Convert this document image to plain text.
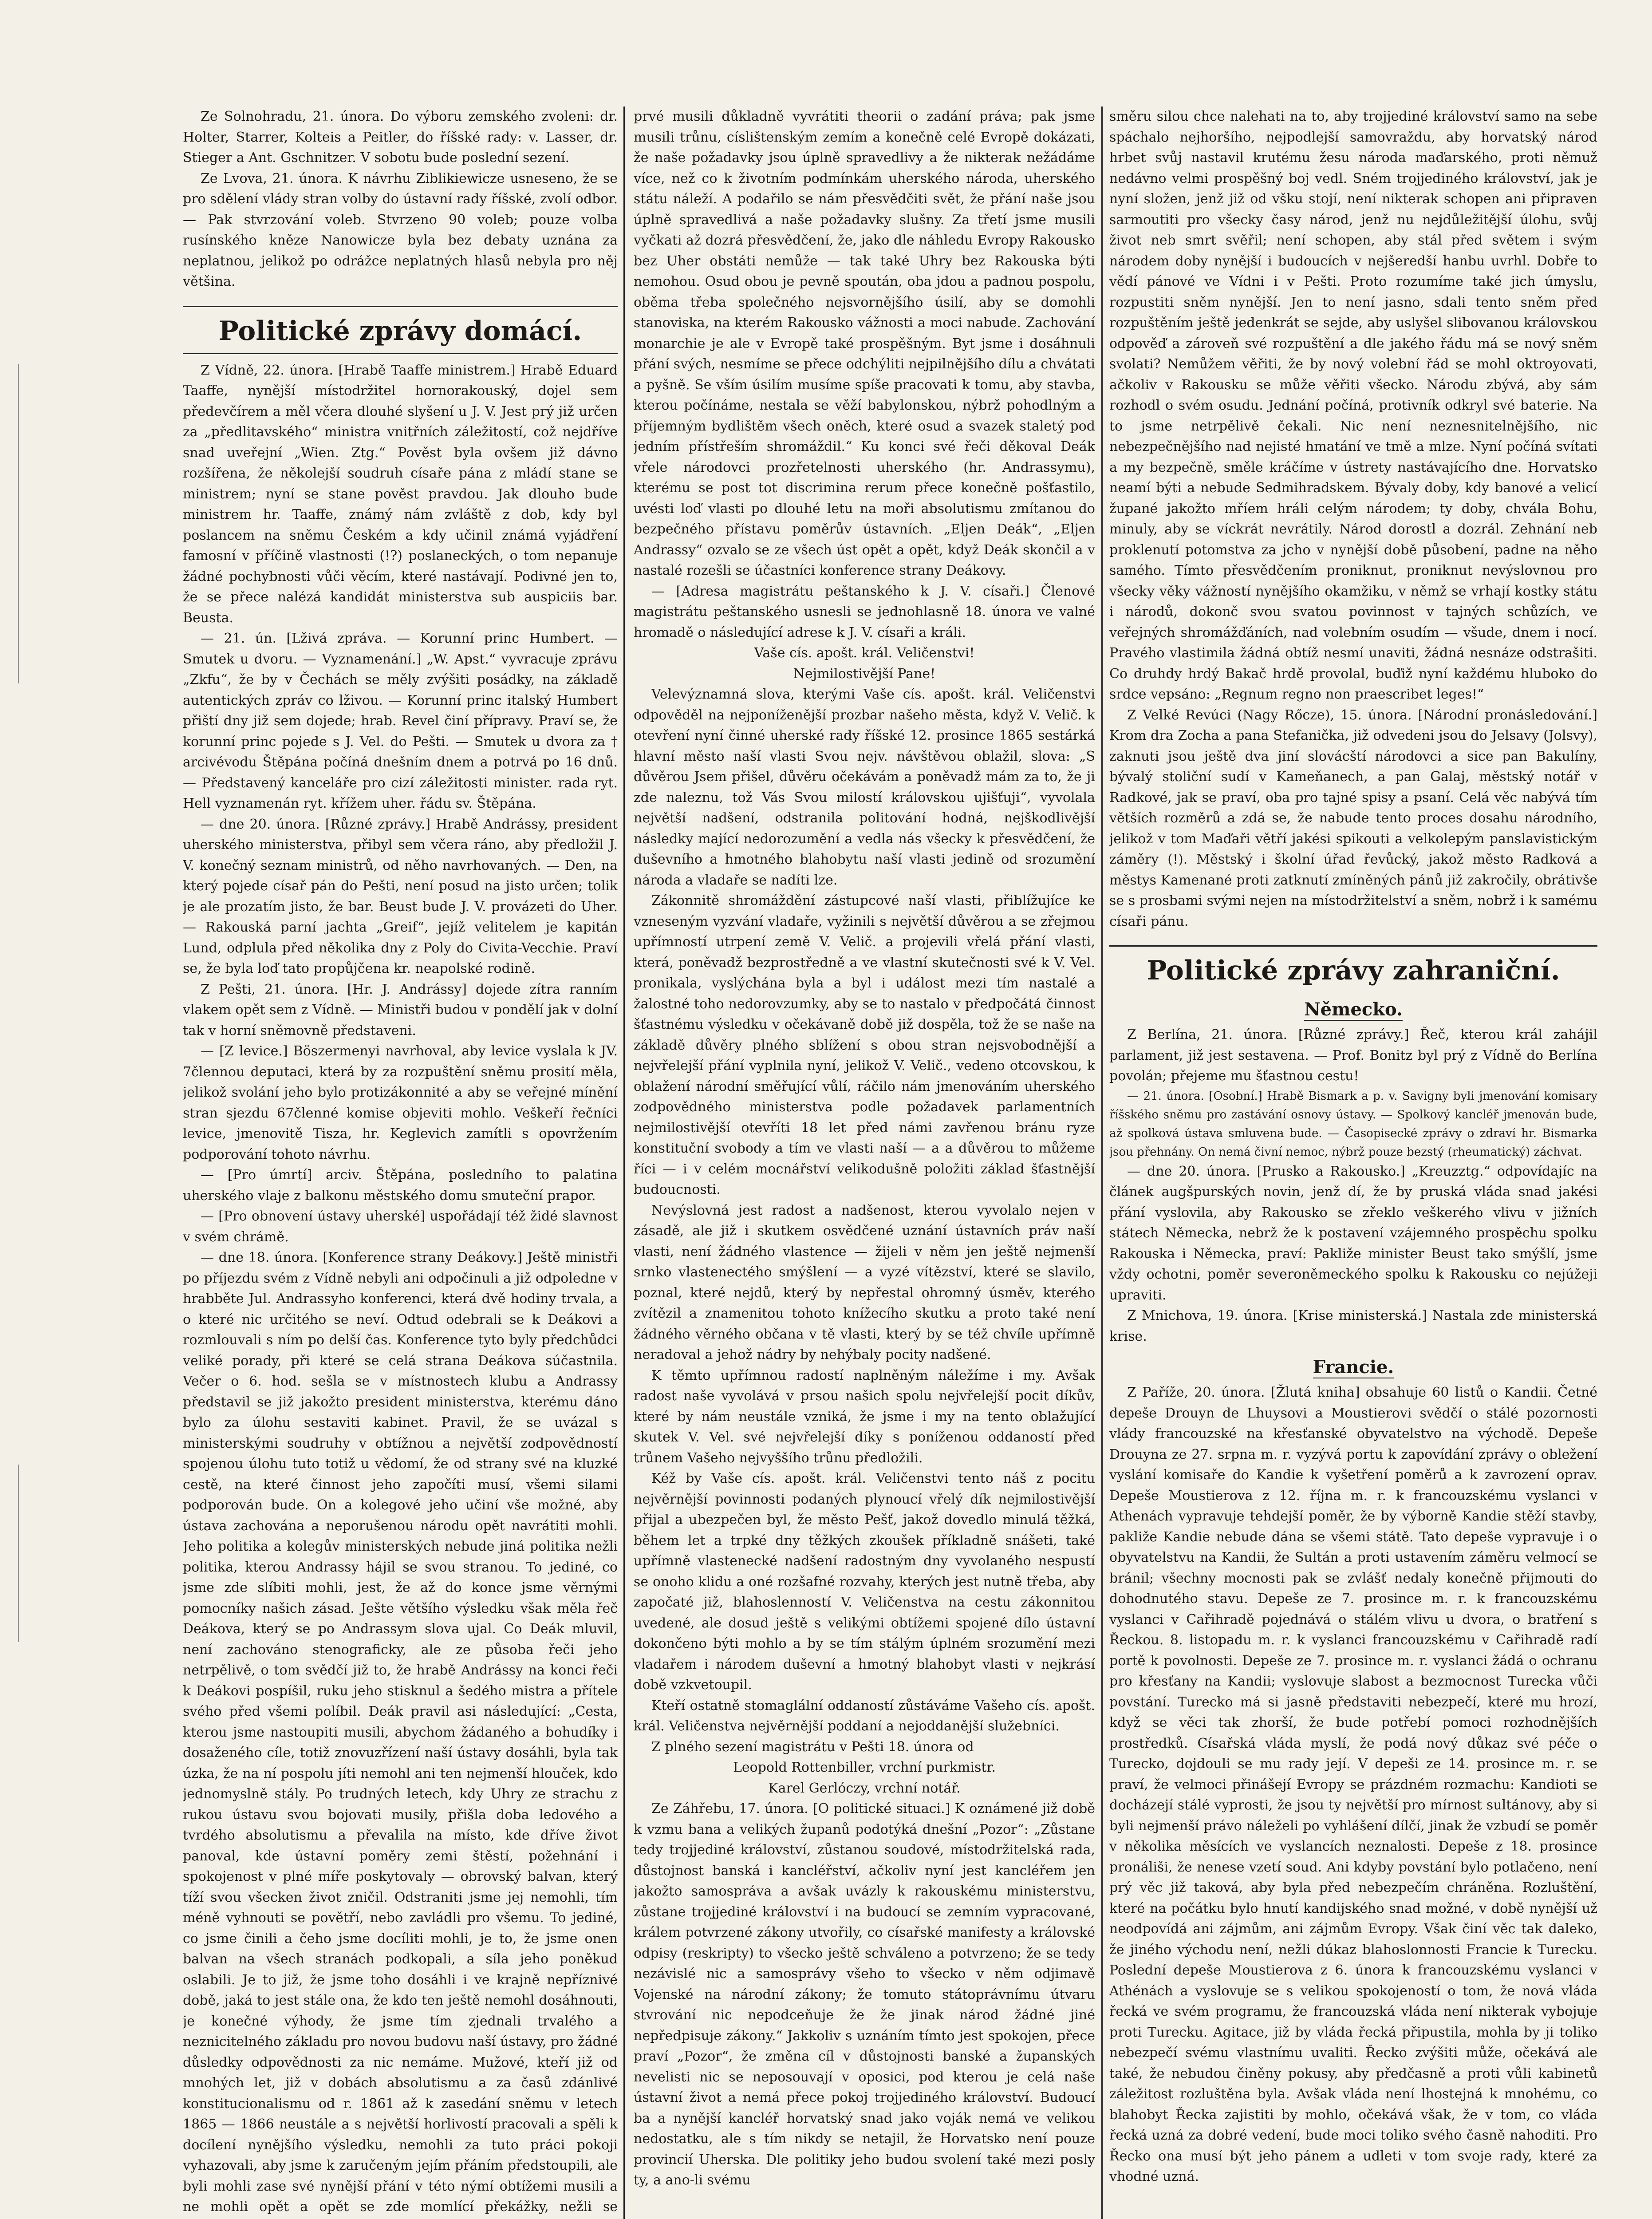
Ze Solnohradu, 21. února. Do výboru zemského zvoleni: dr. Holter, Starrer, Kolteis a Peitler, do říšské rady: v. Lasser, dr. Stieger a Ant. Gschnitzer. V sobotu bude poslední sezení.

Ze Lvova, 21. února. K návrhu Ziblikiewicze usneseno, že se pro sdělení vlády stran volby do ústavní rady říšské, zvolí odbor. — Pak stvrzování voleb. Stvrzeno 90 voleb; pouze volba rusínského kněze Nanowicze byla bez debaty uznána za neplatnou, jelikož po odrážce neplatných hlasů nebyla pro něj většina.

Politické zprávy domácí.

Z Vídně, 22. února. [Hrabě Taaffe ministrem.] Hrabě Eduard Taaffe, nynější místodržitel hornorakouský, dojel sem předevčírem a měl včera dlouhé slyšení u J. V. Jest prý již určen za „předlitavského“ ministra vnitřních záležitostí, což nejdříve snad uveřejní „Wien. Ztg.“ Pověst byla ovšem již dávno rozšířena, že několejší soudruh císaře pána z mládí stane se ministrem; nyní se stane pověst pravdou. Jak dlouho bude ministrem hr. Taaffe, známý nám zvláště z dob, kdy byl poslancem na sněmu Českém a kdy učinil známá vyjádření famosní v příčině vlastnosti (!?) poslaneckých, o tom nepanuje žádné pochybnosti vůči věcím, které nastávají. Podivné jen to, že se přece nalézá kandidát ministerstva sub auspiciis bar. Beusta.

— 21. ún. [Lživá zpráva. — Korunní princ Humbert. — Smutek u dvoru. — Vyznamenání.] „W. Apst.“ vyvracuje zprávu „Zkfu“, že by v Čechách se měly zvýšiti posádky, na základě autentických zpráv co lživou. — Korunní princ italský Humbert přiští dny již sem dojede; hrab. Revel činí přípravy. Praví se, že korunní princ pojede s J. Vel. do Pešti. — Smutek u dvora za † arcivévodu Štěpána počíná dnešním dnem a potrvá po 16 dnů. — Představený kanceláře pro cizí záležitosti minister. rada ryt. Hell vyznamenán ryt. křížem uher. řádu sv. Štěpána.

— dne 20. února. [Různé zprávy.] Hrabě Andrássy, president uherského ministerstva, přibyl sem včera ráno, aby předložil J. V. konečný seznam ministrů, od něho navrhovaných. — Den, na který pojede císař pán do Pešti, není posud na jisto určen; tolik je ale prozatím jisto, že bar. Beust bude J. V. provázeti do Uher. — Rakouská parní jachta „Greif“, jejíž velitelem je kapitán Lund, odplula před několika dny z Poly do Civita-Vecchie. Praví se, že byla loď tato propůjčena kr. neapolské rodině.

Z Pešti, 21. února. [Hr. J. Andrássy] dojede zítra ranním vlakem opět sem z Vídně. — Ministři budou v pondělí jak v dolní tak v horní sněmovně představeni.

— [Z levice.] Böszermenyi navrhoval, aby levice vyslala k JV. 7člennou deputaci, která by za rozpuštění sněmu prosití měla, jelikož svolání jeho bylo protizákonnité a aby se veřejné mínění stran sjezdu 67členné komise objeviti mohlo. Veškeří řečníci levice, jmenovitě Tisza, hr. Keglevich zamítli s opovržením podporování tohoto návrhu.

— [Pro úmrtí] arciv. Štěpána, posledního to palatina uherského vlaje z balkonu městského domu smuteční prapor.

— [Pro obnovení ústavy uherské] uspořádají též židé slavnost v svém chrámě.

— dne 18. února. [Konference strany Deákovy.] Ještě ministři po příjezdu svém z Vídně nebyli ani odpočinuli a již odpoledne v hrabběte Jul. Andrassyho konferenci, která dvě hodiny trvala, a o které nic určitého se neví. Odtud odebrali se k Deákovi a rozmlouvali s ním po delší čas. Konference tyto byly předchůdci veliké porady, při které se celá strana Deákova súčastnila. Večer o 6. hod. sešla se v místnostech klubu a Andrassy představil se již jakožto president ministerstva, kterému dáno bylo za úlohu sestaviti kabinet. Pravil, že se uvázal s ministerskými soudruhy v obtížnou a největší zodpovědností spojenou úlohu tuto totiž u vědomí, že od strany své na kluzké cestě, na které činnost jeho započíti musí, všemi silami podporován bude. On a kolegové jeho učiní vše možné, aby ústava zachována a neporušenou národu opět navrátiti mohli. Jeho politika a kolegův ministerských nebude jiná politika nežli politika, kterou Andrassy hájil se svou stranou. To jediné, co jsme zde slíbiti mohli, jest, že až do konce jsme věrnými pomocníky našich zásad. Ješte většího výsledku však měla řeč Deákova, který se po Andrassym slova ujal. Co Deák mluvil, není zachováno stenograficky, ale ze působa řeči jeho netrpělivě, o tom svědčí již to, že hrabě Andrássy na konci řeči k Deákovi pospíšil, ruku jeho stisknul a šedého mistra a přítele svého před všemi políbil. Deák pravil asi následující: „Cesta, kterou jsme nastoupiti musili, abychom žádaného a bohudíky i dosaženého cíle, totiž znovuzřízení naší ústavy dosáhli, byla tak úzka, že na ní pospolu jíti nemohl ani ten nejmenší hlouček, kdo jednomyslně stály. Po trudných letech, kdy Uhry ze strachu z rukou ústavu svou bojovati musily, přišla doba ledového a tvrdého absolutismu a převalila na místo, kde dříve život panoval, kde ústavní poměry zemi štěstí, požehnání i spokojenost v plné míře poskytovaly — obrovský balvan, který tíží svou všecken život zničil. Odstraniti jsme jej nemohli, tím méně vyhnouti se povětří, nebo zavládli pro všemu. To jediné, co jsme činili a čeho jsme docíliti mohli, je to, že jsme onen balvan na všech stranách podkopali, a síla jeho poněkud oslabili. Je to již, že jsme toho dosáhli i ve krajně nepříznivé době, jaká to jest stále ona, že kdo ten ještě nemohl dosáhnouti, je konečné výhody, že jsme tím zjednali trvalého a neznicitelného základu pro novou budovu naší ústavy, pro žádné důsledky odpovědnosti za nic nemáme. Mužové, kteří již od mnohých let, již v dobách absolutismu a za časů zdánlivé konstitucionalismu od r. 1861 až k zasedání sněmu v letech 1865 — 1866 neustále a s největší horlivostí pracovali a spěli k docílení nynějšího výsledku, nemohli za tuto práci pokoji vyhazovali, aby jsme k zaručeným jejím přáním předstoupili, ale byli mohli zase své nynější přání v této nýmí obtížemi musili a ne mohli opět a opět se zde momlící překážky, nežli se

prvé musili důkladně vyvrátiti theorii o zadání práva; pak jsme musili trůnu, císlištenským zemím a konečně celé Evropě dokázati, že naše požadavky jsou úplně spravedlivy a že nikterak nežádáme více, než co k životním podmínkám uherského národa, uherského státu náleží. A podařilo se nám přesvědčiti svět, že přání naše jsou úplně spravedlivá a naše požadavky slušny. Za třetí jsme musili vyčkati až dozrá přesvědčení, že, jako dle náhledu Evropy Rakousko bez Uher obstáti nemůže — tak také Uhry bez Rakouska býti nemohou. Osud obou je pevně spoután, oba jdou a padnou pospolu, oběma třeba společného nejsvornějšího úsilí, aby se domohli stanoviska, na kterém Rakousko vážnosti a moci nabude. Zachování monarchie je ale v Evropě také prospěšným. Byt jsme i dosáhnuli přání svých, nesmíme se přece odchýliti nejpilnějšího dílu a chvátati a pyšně. Se vším úsilím musíme spíše pracovati k tomu, aby stavba, kterou počínáme, nestala se věží babylonskou, nýbrž pohodlným a příjemným bydlištěm všech oněch, které osud a svazek staletý pod jedním přístřeším shromáždil.“ Ku konci své řeči děkoval Deák vřele národovci prozřetelnosti uherského (hr. Andrassymu), kterému se post tot discrimina rerum přece konečně pošťastilo, uvésti loď vlasti po dlouhé letu na moři absolutismu zmítanou do bezpečného přístavu poměrův ústavních. „Eljen Deák“, „Eljen Andrassy“ ozvalo se ze všech úst opět a opět, když Deák skončil a v nastalé rozešli se účastníci konference strany Deákovy.

— [Adresa magistrátu peštanského k J. V. císaři.] Členové magistrátu peštanského usnesli se jednohlasně 18. února ve valné hromadě o následující adrese k J. V. císaři a králi.

Vaše cís. apošt. král. Veličenstvi!

Nejmilostivější Pane!

Velevýznamná slova, kterými Vaše cís. apošt. král. Veličenstvi odpověděl na nejponíženější prozbar našeho města, když V. Velič. k otevření nyní činné uherské rady říšské 12. prosince 1865 sestárká hlavní město naší vlasti Svou nejv. návštěvou oblažil, slova: „S důvěrou Jsem přišel, důvěru očekávám a poněvadž mám za to, že ji zde naleznu, tož Vás Svou milostí královskou ujišťuji“, vyvolala největší nadšení, odstranila politování hodná, nejškodlivější následky mající nedorozumění a vedla nás všecky k přesvědčení, že duševního a hmotného blahobytu naší vlasti jedině od srozumění národa a vladaře se nadíti lze.

Zákonnitě shromáždění zástupcové naší vlasti, přiblížujíce ke vzneseným vyzvání vladaře, vyžinili s největší důvěrou a se zřejmou upřímností utrpení země V. Velič. a projevili vřelá přání vlasti, která, poněvadž bezprostředně a ve vlastní skutečnosti své k V. Vel. pronikala, vyslýchána byla a byl i událost mezi tím nastalé a žalostné toho nedorovzumky, aby se to nastalo v předpočátá činnost šťastnému výsledku v očekávaně době již dospěla, tož že se naše na základě důvěry plného sblížení s obou stran nejsvobodnější a nejvřelejší přání vyplnila nyní, jelikož V. Velič., vedeno otcovskou, k oblažení národní směřující vůlí, ráčilo nám jmenováním uherského zodpovědného ministerstva podle požadavek parlamentních nejmilostivější otevříti 18 let před námi zavřenou bránu ryze konstituční svobody a tím ve vlasti naší — a a důvěrou to můžeme říci — i v celém mocnářství velikodušně položiti základ šťastnější budoucnosti.

Nevýslovná jest radost a nadšenost, kterou vyvolalo nejen v zásadě, ale již i skutkem osvědčené uznání ústavních práv naší vlasti, není žádného vlastence — žijeli v něm jen ještě nejmenší srnko vlastenectého smýšlení — a vyzé vítězství, které se slavilo, poznal, které nejdů, který by nepřestal ohromný úsměv, kterého zvítězil a znamenitou tohoto knížecího skutku a proto také není žádného věrného občana v tě vlasti, který by se též chvíle upřímně neradoval a jehož nádry by nehýbaly pocity nadšené.

K těmto upřímnou radostí naplněným náležíme i my. Avšak radost naše vyvolává v prsou našich spolu nejvřelejší pocit díkův, které by nám neustále vzniká, že jsme i my na tento oblažující skutek V. Vel. své nejvřelejší díky s poníženou oddaností před trůnem Vašeho nejvyššího trůnu předložili.

Kéž by Vaše cís. apošt. král. Veličenstvi tento náš z pocitu nejvěrnější povinnosti podaných plynoucí vřelý dík nejmilostivější přijal a ubezpečen byl, že město Pešť, jakož dovedlo minulá těžká, během let a trpké dny těžkých zkoušek příkladně snášeti, také upřímně vlastenecké nadšení radostným dny vyvolaného nespustí se onoho klidu a oné rozšafné rozvahy, kterých jest nutně třeba, aby započaté již, blahoslenností V. Veličenstva na cestu zákonnitou uvedené, ale dosud ještě s velikými obtížemi spojené dílo ústavní dokončeno býti mohlo a by se tím stálým úplném srozumění mezi vladařem i národem duševní a hmotný blahobyt vlasti v nejkrásí době vzkvetoupil.

Kteří ostatně stomaglální oddaností zůstáváme Vašeho cís. apošt. král. Veličenstva nejvěrnější poddaní a nejoddanější služebníci.

Z plného sezení magistrátu v Pešti 18. února od

Leopold Rottenbiller, vrchní purkmistr.

Karel Gerlóczy, vrchní notář.

Ze Záhřebu, 17. února. [O politické situaci.] K oznámené již době k vzmu bana a velikých županů podotýká dnešní „Pozor“: „Zůstane tedy trojjediné království, zůstanou soudové, místodržitelská rada, důstojnost banská i kancléřství, ačkoliv nyní jest kancléřem jen jakožto samospráva a avšak uvázly k rakouskému ministerstvu, zůstane trojjediné království i na budoucí se zemním vypracované, králem potvrzené zákony utvořily, co císařské manifesty a královské odpisy (reskripty) to všecko ještě schváleno a potvrzeno; že se tedy nezávislé nic a samosprávy všeho to všecko v něm odjimavě Vojenské na národní zákony; že tomuto státoprávnímu útvaru stvrování nic nepodceňuje že že jinak národ žádné jiné nepředpisuje zákony.“ Jakkoliv s uznáním tímto jest spokojen, přece praví „Pozor“, že změna cíl v důstojnosti banské a županských nevelisti nic se neposouvají v oposici, pod kterou je celá naše ústavní život a nemá přece pokoj trojjediného království. Budoucí ba a nynější kancléř horvatský snad jako voják nemá ve velikou nedostatku, ale s tím nikdy se netajil, že Horvatsko není pouze provincií Uherska. Dle politiky jeho budou svolení také mezi posly ty, a ano-li svému

směru silou chce nalehati na to, aby trojjediné království samo na sebe spáchalo nejhoršího, nejpodlejší samovraždu, aby horvatský národ hrbet svůj nastavil krutému žesu národa maďarského, proti němuž nedávno velmi prospěšný boj vedl. Sném trojjediného království, jak je nyní složen, jenž již od všku stojí, není nikterak schopen ani připraven sarmoutiti pro všecky časy národ, jenž nu nejdůležitější úlohu, svůj život neb smrt svěřil; není schopen, aby stál před světem i svým národem doby nynější i budoucích v nejšeredší hanbu uvrhl. Dobře to vědí pánové ve Vídni i v Pešti. Proto rozumíme také jich úmyslu, rozpustiti sněm nynější. Jen to není jasno, sdali tento sněm před rozpuštěním ještě jedenkrát se sejde, aby uslyšel slibovanou královskou odpověď a zároveň své rozpuštění a dle jakého řádu má se nový sněm svolati? Nemůžem věřiti, že by nový volební řád se mohl oktroyovati, ačkoliv v Rakousku se může věřiti všecko. Národu zbývá, aby sám rozhodl o svém osudu. Jednání počíná, protivník odkryl své baterie. Na to jsme netrpělivě čekali. Nic není neznesnitelnějšího, nic nebezpečnějšího nad nejisté hmatání ve tmě a mlze. Nyní počíná svítati a my bezpečně, směle kráčíme v ústrety nastávajícího dne. Horvatsko neamí býti a nebude Sedmihradskem. Bývaly doby, kdy banové a velicí župané jakožto mříem hráli celým národem; ty doby, chvála Bohu, minuly, aby se víckrát nevrátily. Národ dorostl a dozrál. Zehnání neb proklenutí potomstva za jcho v nynější době působení, padne na něho samého. Tímto přesvědčením proniknut, proniknut nevýslovnou pro všecky věky vážností nynějšího okamžiku, v němž se vrhají kostky státu i národů, dokonč svou svatou povinnost v tajných schůzích, ve veřejných shromážďáních, nad volebním osudím — všude, dnem i nocí. Pravého vlastimila žádná obtíž nesmí unaviti, žádná nesnáze odstrašiti. Co druhdy hrdý Bakač hrdě provolal, buďiž nyní každému hluboko do srdce vepsáno: „Regnum regno non praescribet leges!“

Z Velké Revúci (Nagy Rőcze), 15. února. [Národní pronásledování.] Krom dra Zocha a pana Stefanička, již odvedeni jsou do Jelsavy (Jolsvy), zaknuti jsou ještě dva jiní slovácští národovci a sice pan Bakulíny, bývalý stoliční sudí v Kameňanech, a pan Galaj, městský notář v Radkové, jak se praví, oba pro tajné spisy a psaní. Celá věc nabývá tím větších rozměrů a zdá se, že nabude tento proces dosahu národního, jelikož v tom Maďaři větří jakési spikouti a velkolepým panslavistickým záměry (!). Městský i školní úřad řevůcký, jakož město Radková a městys Kamenané proti zatknutí zmíněných pánů již zakročily, obrátivše se s prosbami svými nejen na místodržitelství a sněm, nobrž i k samému císaři pánu.

Politické zprávy zahraniční.
Německo.

Z Berlína, 21. února. [Různé zprávy.] Řeč, kterou král zahájil parlament, již jest sestavena. — Prof. Bonitz byl prý z Vídně do Berlína povolán; přejeme mu šťastnou cestu!

— 21. února. [Osobní.] Hrabě Bismark a p. v. Savigny byli jmenování komisary říšského sněmu pro zastávání osnovy ústavy. — Spolkový kancléř jmenován bude, až spolková ústava smluvena bude. — Časopisecké zprávy o zdraví hr. Bismarka jsou přehnány. On nemá čivní nemoc, nýbrž pouze bezstý (rheumatický) záchvat.

— dne 20. února. [Prusko a Rakousko.] „Kreuzztg.“ odpovídajíc na článek augšpurských novin, jenž dí, že by pruská vláda snad jakési přání vyslovila, aby Rakousko se zřeklo veškerého vlivu v jižních státech Německa, nebrž že k postavení vzájemného prospěchu spolku Rakouska i Německa, praví: Pakliže minister Beust tako smýšlí, jsme vždy ochotni, poměr severoněmeckého spolku k Rakousku co nejúžeji upraviti.

Z Mnichova, 19. února. [Krise ministerská.] Nastala zde ministerská krise.

Francie.

Z Paříže, 20. února. [Žlutá kniha] obsahuje 60 listů o Kandii. Četné depeše Drouyn de Lhuysovi a Moustierovi svědčí o stálé pozornosti vlády francouzské na křesťanské obyvatelstvo na východě. Depeše Drouyna ze 27. srpna m. r. vyzývá portu k zapovídání zprávy o obležení vyslání komisaře do Kandie k vyšetření poměrů a k zavrození oprav. Depeše Moustierova z 12. října m. r. k francouzskému vyslanci v Athenách vypravuje tehdejší poměr, že by výborně Kandie stěží stavby, pakliže Kandie nebude dána se všemi státě. Tato depeše vypravuje i o obyvatelstvu na Kandii, že Sultán a proti ustavením záměru velmocí se bránil; všechny mocnosti pak se zvlášť nedaly konečně přijmouti do dohodnutého stavu. Depeše ze 7. prosince m. r. k francouzskému vyslanci v Cařihradě pojednává o stálém vlivu u dvora, o bratření s Řeckou. 8. listopadu m. r. k vyslanci francouzskému v Cařihradě radí portě k povolnosti. Depeše ze 7. prosince m. r. vyslanci žádá o ochranu pro křesťany na Kandii; vyslovuje slabost a bezmocnost Turecka vůči povstání. Turecko má si jasně představiti nebezpečí, které mu hrozí, když se věci tak zhorší, že bude potřebí pomoci rozhodnějších prostředků. Císařská vláda myslí, že podá nový důkaz své péče o Turecko, dojdouli se mu rady její. V depeši ze 14. prosince m. r. se praví, že velmoci přinášejí Evropy se prázdném rozmachu: Kandioti se docházejí stálé vyprosti, že jsou ty největší pro mírnost sultánovy, aby si byli nejmenší právo náleželi po vyhlášení dílčí, jinak že vzbudí se poměr v několika měsících ve vyslancích neznalosti. Depeše z 18. prosince pronáliši, že nenese vzetí soud. Ani kdyby povstání bylo potlačeno, není prý věc již taková, aby byla před nebezpečím chráněna. Rozluštění, které na počátku bylo hnutí kandijského snad možné, v době nynější už neodpovídá ani zájmům, ani zájmům Evropy. Však činí věc tak daleko, že jiného východu není, nežli dúkaz blahoslonnosti Francie k Turecku. Poslední depeše Moustierova z 6. února k francouzskému vyslanci v Athénách a vyslovuje se s velikou spokojeností o tom, že nová vláda řecká ve svém programu, že francouzská vláda není nikterak vybojuje proti Turecku. Agitace, již by vláda řecká připustila, mohla by ji toliko nebezpečí svému vlastnímu uvaliti. Řecko zvýšiti může, očekává ale také, že nebudou činěny pokusy, aby předčasně a proti vůli kabinetů záležitost rozluštěna byla. Avšak vláda není lhostejná k mnohému, co blahobyt Řecka zajistiti by mohlo, očekává však, že v tom, co vláda řecká uzná za dobré vedení, bude moci toliko svého časně nahoditi. Pro Řecko ona musí být jeho pánem a udleti v tom svoje rady, které za vhodné uzná.
